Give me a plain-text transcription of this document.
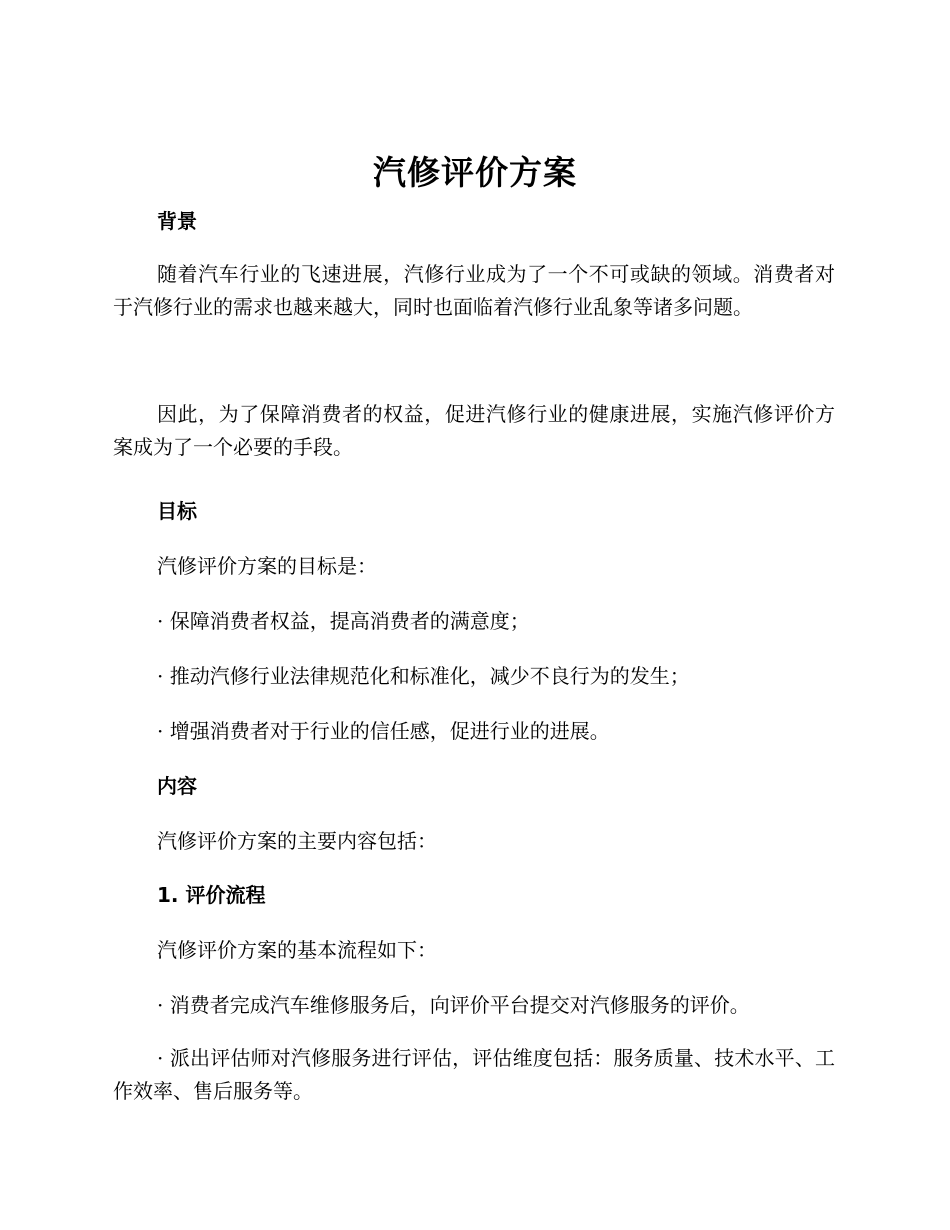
汽修评价方案
背景

随着汽车行业的飞速进展，汽修行业成为了一个不可或缺的领域。消费者对于汽修行业的需求也越来越大，同时也面临着汽修行业乱象等诸多问题。

因此，为了保障消费者的权益，促进汽修行业的健康进展，实施汽修评价方案成为了一个必要的手段。

目标

汽修评价方案的目标是：

· 保障消费者权益，提高消费者的满意度；

· 推动汽修行业法律规范化和标准化，减少不良行为的发生；

· 增强消费者对于行业的信任感，促进行业的进展。

内容

汽修评价方案的主要内容包括：

1. 评价流程

汽修评价方案的基本流程如下：

· 消费者完成汽车维修服务后，向评价平台提交对汽修服务的评价。

· 派出评估师对汽修服务进行评估，评估维度包括：服务质量、技术水平、工作效率、售后服务等。
